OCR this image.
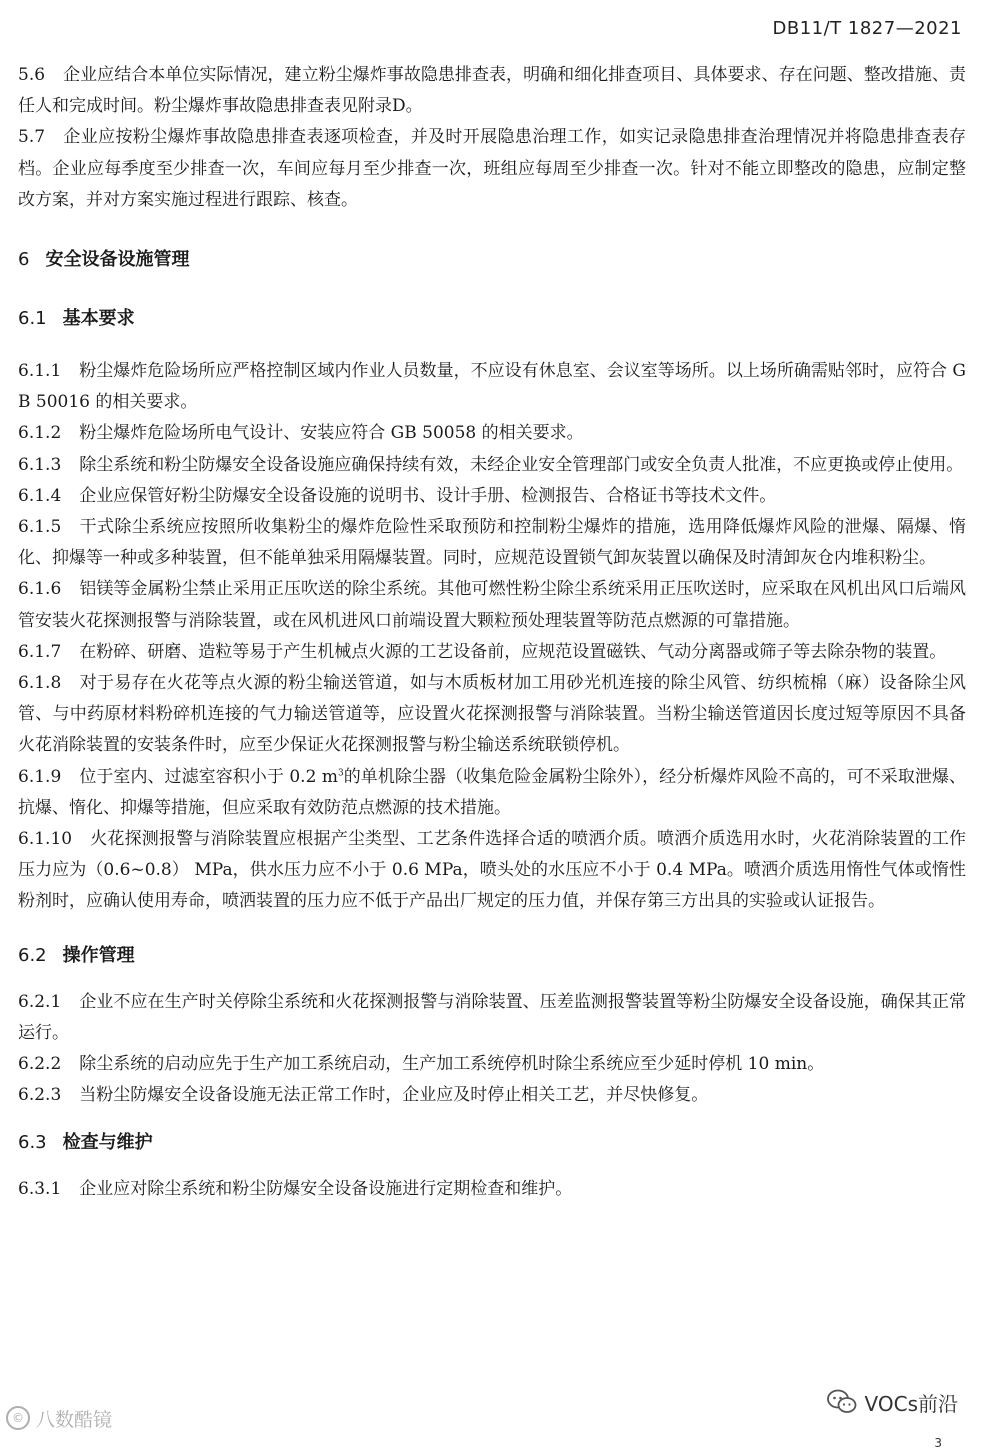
DB11/T 1827—2021

5.6 企业应结合本单位实际情况，建立粉尘爆炸事故隐患排查表，明确和细化排查项目、具体要求、存在问题、整改措施、责任人和完成时间。粉尘爆炸事故隐患排查表见附录D。

5.7 企业应按粉尘爆炸事故隐患排查表逐项检查，并及时开展隐患治理工作，如实记录隐患排查治理情况并将隐患排查表存档。企业应每季度至少排查一次，车间应每月至少排查一次，班组应每周至少排查一次。针对不能立即整改的隐患，应制定整改方案，并对方案实施过程进行跟踪、核查。

6 安全设备设施管理

6.1 基本要求

6.1.1 粉尘爆炸危险场所应严格控制区域内作业人员数量，不应设有休息室、会议室等场所。以上场所确需贴邻时，应符合 GB 50016 的相关要求。

6.1.2 粉尘爆炸危险场所电气设计、安装应符合 GB 50058 的相关要求。

6.1.3 除尘系统和粉尘防爆安全设备设施应确保持续有效，未经企业安全管理部门或安全负责人批准，不应更换或停止使用。

6.1.4 企业应保管好粉尘防爆安全设备设施的说明书、设计手册、检测报告、合格证书等技术文件。

6.1.5 干式除尘系统应按照所收集粉尘的爆炸危险性采取预防和控制粉尘爆炸的措施，选用降低爆炸风险的泄爆、隔爆、惰化、抑爆等一种或多种装置，但不能单独采用隔爆装置。同时，应规范设置锁气卸灰装置以确保及时清卸灰仓内堆积粉尘。

6.1.6 铝镁等金属粉尘禁止采用正压吹送的除尘系统。其他可燃性粉尘除尘系统采用正压吹送时，应采取在风机出风口后端风管安装火花探测报警与消除装置，或在风机进风口前端设置大颗粒预处理装置等防范点燃源的可靠措施。

6.1.7 在粉碎、研磨、造粒等易于产生机械点火源的工艺设备前，应规范设置磁铁、气动分离器或筛子等去除杂物的装置。

6.1.8 对于易存在火花等点火源的粉尘输送管道，如与木质板材加工用砂光机连接的除尘风管、纺织梳棉（麻）设备除尘风管、与中药原材料粉碎机连接的气力输送管道等，应设置火花探测报警与消除装置。当粉尘输送管道因长度过短等原因不具备火花消除装置的安装条件时，应至少保证火花探测报警与粉尘输送系统联锁停机。

6.1.9 位于室内、过滤室容积小于 0.2 $m^3$的单机除尘器（收集危险金属粉尘除外），经分析爆炸风险不高的，可不采取泄爆、抗爆、惰化、抑爆等措施，但应采取有效防范点燃源的技术措施。

6.1.10 火花探测报警与消除装置应根据产尘类型、工艺条件选择合适的喷洒介质。喷洒介质选用水时，火花消除装置的工作压力应为（0.6~0.8） MPa，供水压力应不小于 0.6 MPa，喷头处的水压应不小于 0.4 MPa。喷洒介质选用惰性气体或惰性粉剂时，应确认使用寿命，喷洒装置的压力应不低于产品出厂规定的压力值，并保存第三方出具的实验或认证报告。

6.2 操作管理

6.2.1 企业不应在生产时关停除尘系统和火花探测报警与消除装置、压差监测报警装置等粉尘防爆安全设备设施，确保其正常运行。

6.2.2 除尘系统的启动应先于生产加工系统启动，生产加工系统停机时除尘系统应至少延时停机 10 min。

6.2.3 当粉尘防爆安全设备设施无法正常工作时，企业应及时停止相关工艺，并尽快修复。

6.3 检查与维护

6.3.1 企业应对除尘系统和粉尘防爆安全设备设施进行定期检查和维护。

© 八数酷镜
VOCs前沿
3
